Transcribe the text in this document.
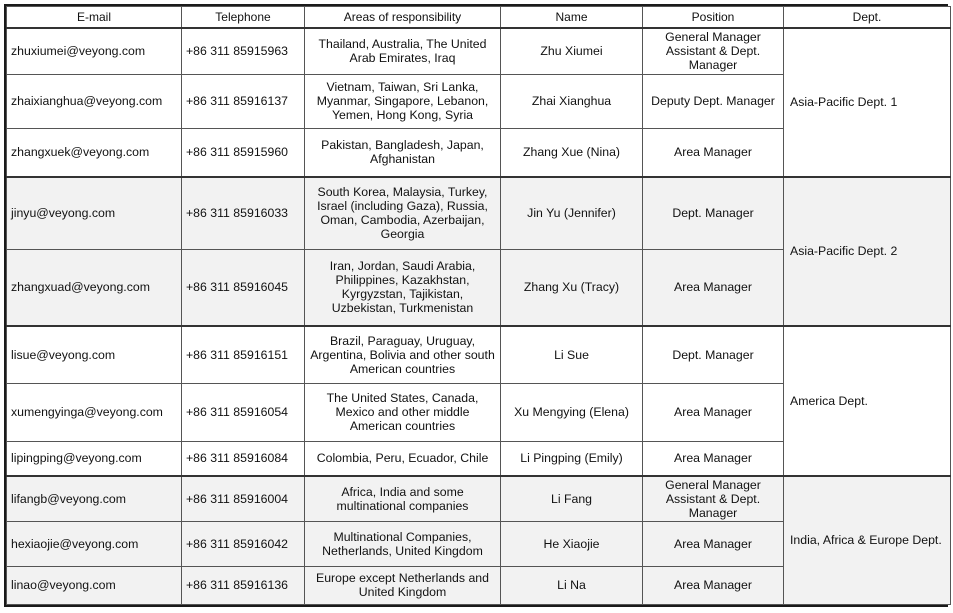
E-mail	Telephone	Areas of responsibility	Name	Position	Dept.
zhuxiumei@veyong.com	+86 311 85915963	Thailand, Australia, The United Arab Emirates, Iraq	Zhu Xiumei	General Manager Assistant & Dept. Manager	Asia-Pacific Dept. 1
zhaixianghua@veyong.com	+86 311 85916137	Vietnam, Taiwan, Sri Lanka, Myanmar, Singapore, Lebanon, Yemen, Hong Kong, Syria	Zhai Xianghua	Deputy Dept. Manager	
zhangxuek@veyong.com	+86 311 85915960	Pakistan, Bangladesh, Japan, Afghanistan	Zhang Xue (Nina)	Area Manager	
jinyu@veyong.com	+86 311 85916033	South Korea, Malaysia, Turkey, Israel (including Gaza), Russia, Oman, Cambodia, Azerbaijan, Georgia	Jin Yu (Jennifer)	Dept. Manager	Asia-Pacific Dept. 2
zhangxuad@veyong.com	+86 311 85916045	Iran, Jordan, Saudi Arabia, Philippines, Kazakhstan, Kyrgyzstan, Tajikistan, Uzbekistan, Turkmenistan	Zhang Xu (Tracy)	Area Manager	
lisue@veyong.com	+86 311 85916151	Brazil, Paraguay, Uruguay, Argentina, Bolivia and other south American countries	Li Sue	Dept. Manager	America Dept.
xumengyinga@veyong.com	+86 311 85916054	The United States, Canada, Mexico and other middle American countries	Xu Mengying (Elena)	Area Manager	
lipingping@veyong.com	+86 311 85916084	Colombia, Peru, Ecuador, Chile	Li Pingping (Emily)	Area Manager	
lifangb@veyong.com	+86 311 85916004	Africa, India and some multinational companies	Li Fang	General Manager Assistant & Dept. Manager	India, Africa & Europe Dept.
hexiaojie@veyong.com	+86 311 85916042	Multinational Companies, Netherlands, United Kingdom	He Xiaojie	Area Manager	
linao@veyong.com	+86 311 85916136	Europe except Netherlands and United Kingdom	Li Na	Area Manager	
